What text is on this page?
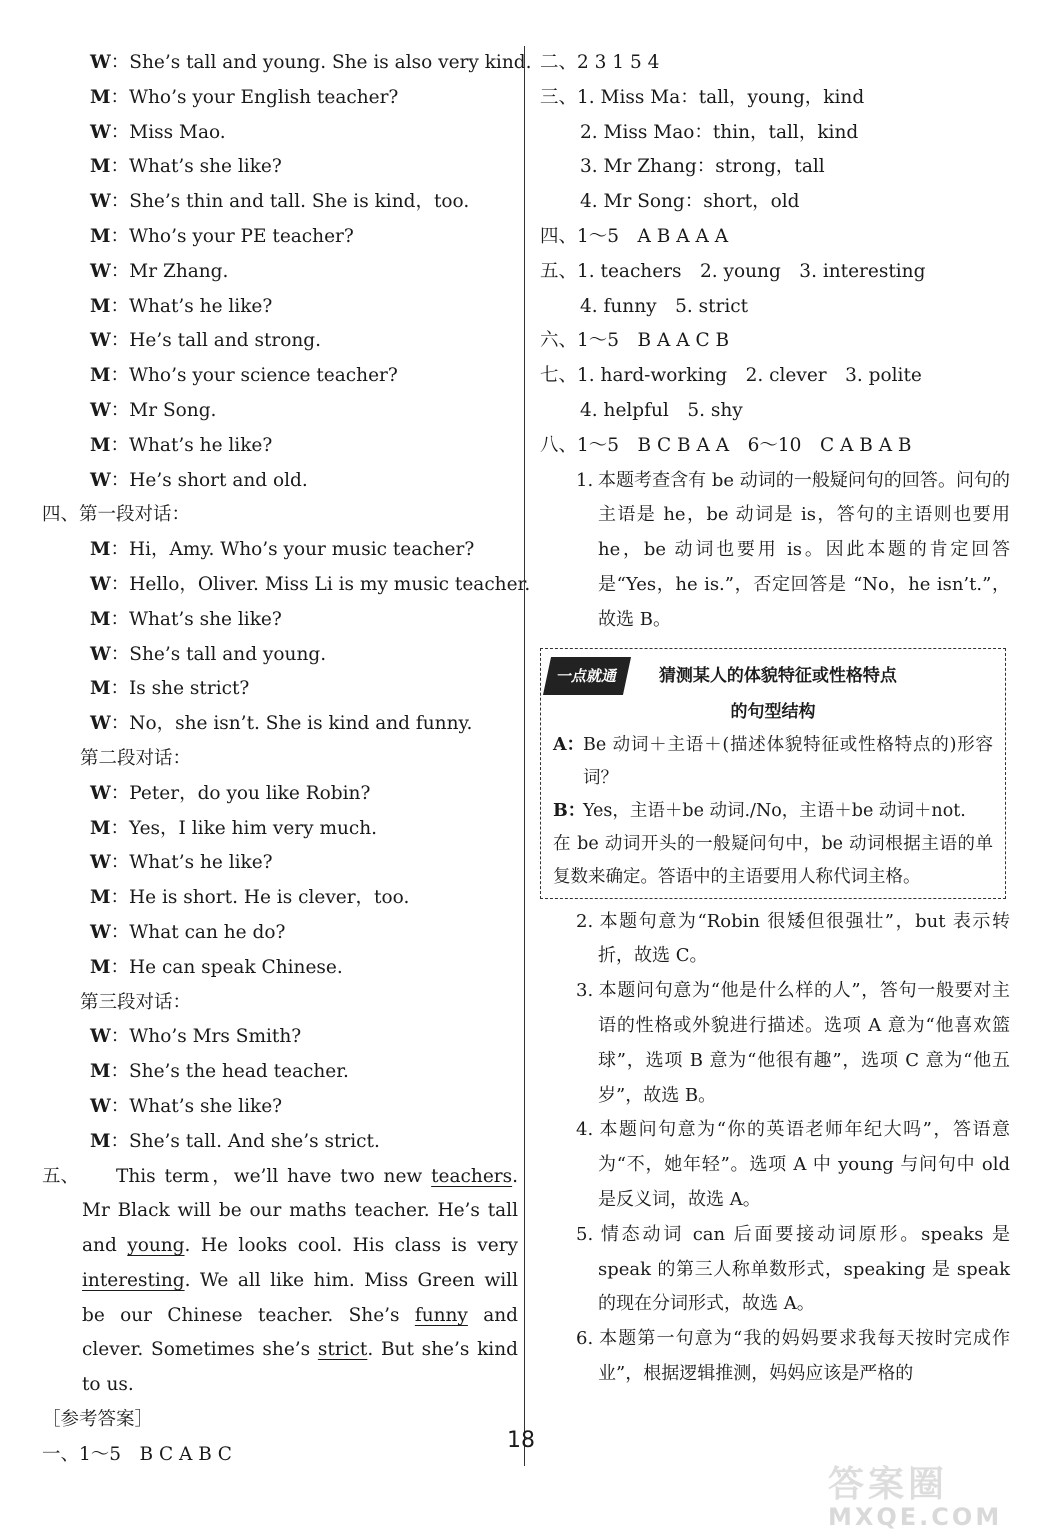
W：She’s tall and young. She is also very kind.
M：Who’s your English teacher?
W：Miss Mao.
M：What’s she like?
W：She’s thin and tall. She is kind，too.
M：Who’s your PE teacher?
W：Mr Zhang.
M：What’s he like?
W：He’s tall and strong.
M：Who’s your science teacher?
W：Mr Song.
M：What’s he like?
W：He’s short and old.
四、第一段对话：
M：Hi，Amy. Who’s your music teacher?
W：Hello，Oliver. Miss Li is my music teacher.
M：What’s she like?
W：She’s tall and young.
M：Is she strict?
W：No，she isn’t. She is kind and funny.
第二段对话：
W：Peter，do you like Robin?
M：Yes，I like him very much.
W：What’s he like?
M：He is short. He is clever，too.
W：What can he do?
M：He can speak Chinese.
第三段对话：
W：Who’s Mrs Smith?
M：She’s the head teacher.
W：What’s she like?
M：She’s tall. And she’s strict.
五、 This term，we’ll have two new teachers. Mr Black will be our maths teacher. He’s tall and young. He looks cool. His class is very interesting. We all like him. Miss Green will be our Chinese teacher. She’s funny and clever. Sometimes she’s strict. But she’s kind to us.
［参考答案］
一、1～5　B C A B C
二、2 3 1 5 4
三、1. Miss Ma：tall，young，kind
2. Miss Mao：thin，tall，kind
3. Mr Zhang：strong，tall
4. Mr Song：short，old
四、1～5　A B A A A
五、1. teachers　2. young　3. interesting
4. funny　5. strict
六、1～5　B A A C B
七、1. hard-working　2. clever　3. polite
4. helpful　5. shy
八、1～5　B C B A A　6～10　C A B A B
1. 本题考查含有 be 动词的一般疑问句的回答。问句的主语是 he，be 动词是 is，答句的主语则也要用 he，be 动词也要用 is。因此本题的肯定回答是“Yes，he is.”，否定回答是 “No，he isn’t.”，故选 B。
一点就通 猜测某人的体貌特征或性格特点
的句型结构
A：Be 动词＋主语＋(描述体貌特征或性格特点的)形容词？
B：Yes，主语＋be 动词./No，主语＋be 动词＋not.
在 be 动词开头的一般疑问句中，be 动词根据主语的单复数来确定。答语中的主语要用人称代词主格。
2. 本题句意为“Robin 很矮但很强壮”，but 表示转折，故选 C。
3. 本题问句意为“他是什么样的人”，答句一般要对主语的性格或外貌进行描述。选项 A 意为“他喜欢篮球”，选项 B 意为“他很有趣”，选项 C 意为“他五岁”，故选 B。
4. 本题问句意为“你的英语老师年纪大吗”，答语意为“不，她年轻”。选项 A 中 young 与问句中 old 是反义词，故选 A。
5. 情态动词 can 后面要接动词原形。speaks 是 speak 的第三人称单数形式，speaking 是 speak 的现在分词形式，故选 A。
6. 本题第一句意为“我的妈妈要求我每天按时完成作业”，根据逻辑推测，妈妈应该是严格的
18
答案圈
MXQE.COM
